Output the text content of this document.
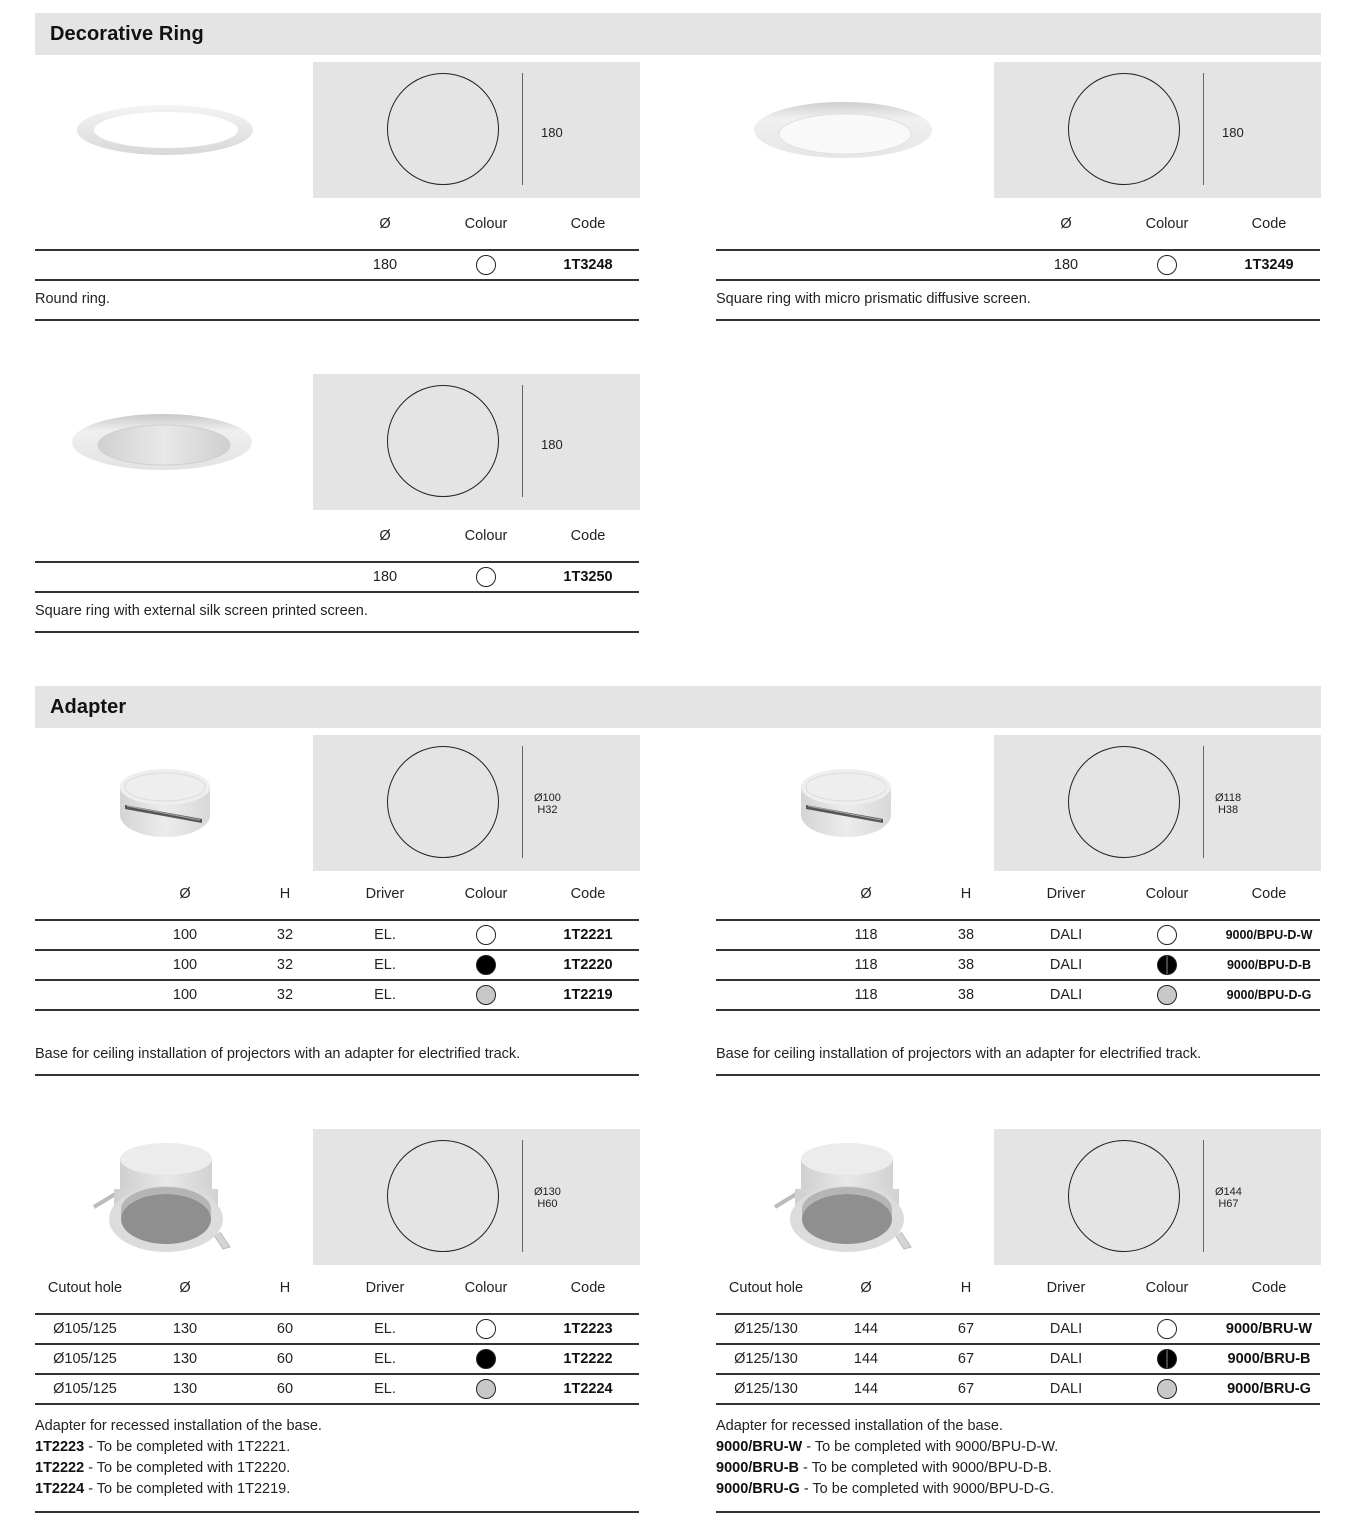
Decorative Ring
180
	Ø	Colour	Code
	180		1T3248
Round ring.
180
	Ø	Colour	Code
	180		1T3249
Square ring with micro prismatic diffusive screen.
180
	Ø	Colour	Code
	180		1T3250
Square ring with external silk screen printed screen.
Adapter
Ø100
H32
	Ø	H	Driver	Colour	Code
	100	32	EL.		1T2221
	100	32	EL.		1T2220
	100	32	EL.		1T2219
Base for ceiling installation of projectors with an adapter for electrified track.
Ø118
H38
	Ø	H	Driver	Colour	Code
	118	38	DALI		9000/BPU-D-W
	118	38	DALI		9000/BPU-D-B
	118	38	DALI		9000/BPU-D-G
Base for ceiling installation of projectors with an adapter for electrified track.
Ø130
H60
Cutout hole	Ø	H	Driver	Colour	Code
Ø105/125	130	60	EL.		1T2223
Ø105/125	130	60	EL.		1T2222
Ø105/125	130	60	EL.		1T2224
Adapter for recessed installation of the base.
1T2223 - To be completed with 1T2221.
1T2222 - To be completed with 1T2220.
1T2224 - To be completed with 1T2219.
Ø144
H67
Cutout hole	Ø	H	Driver	Colour	Code
Ø125/130	144	67	DALI		9000/BRU-W
Ø125/130	144	67	DALI		9000/BRU-B
Ø125/130	144	67	DALI		9000/BRU-G
Adapter for recessed installation of the base.
9000/BRU-W - To be completed with 9000/BPU-D-W.
9000/BRU-B - To be completed with 9000/BPU-D-B.
9000/BRU-G - To be completed with 9000/BPU-D-G.
